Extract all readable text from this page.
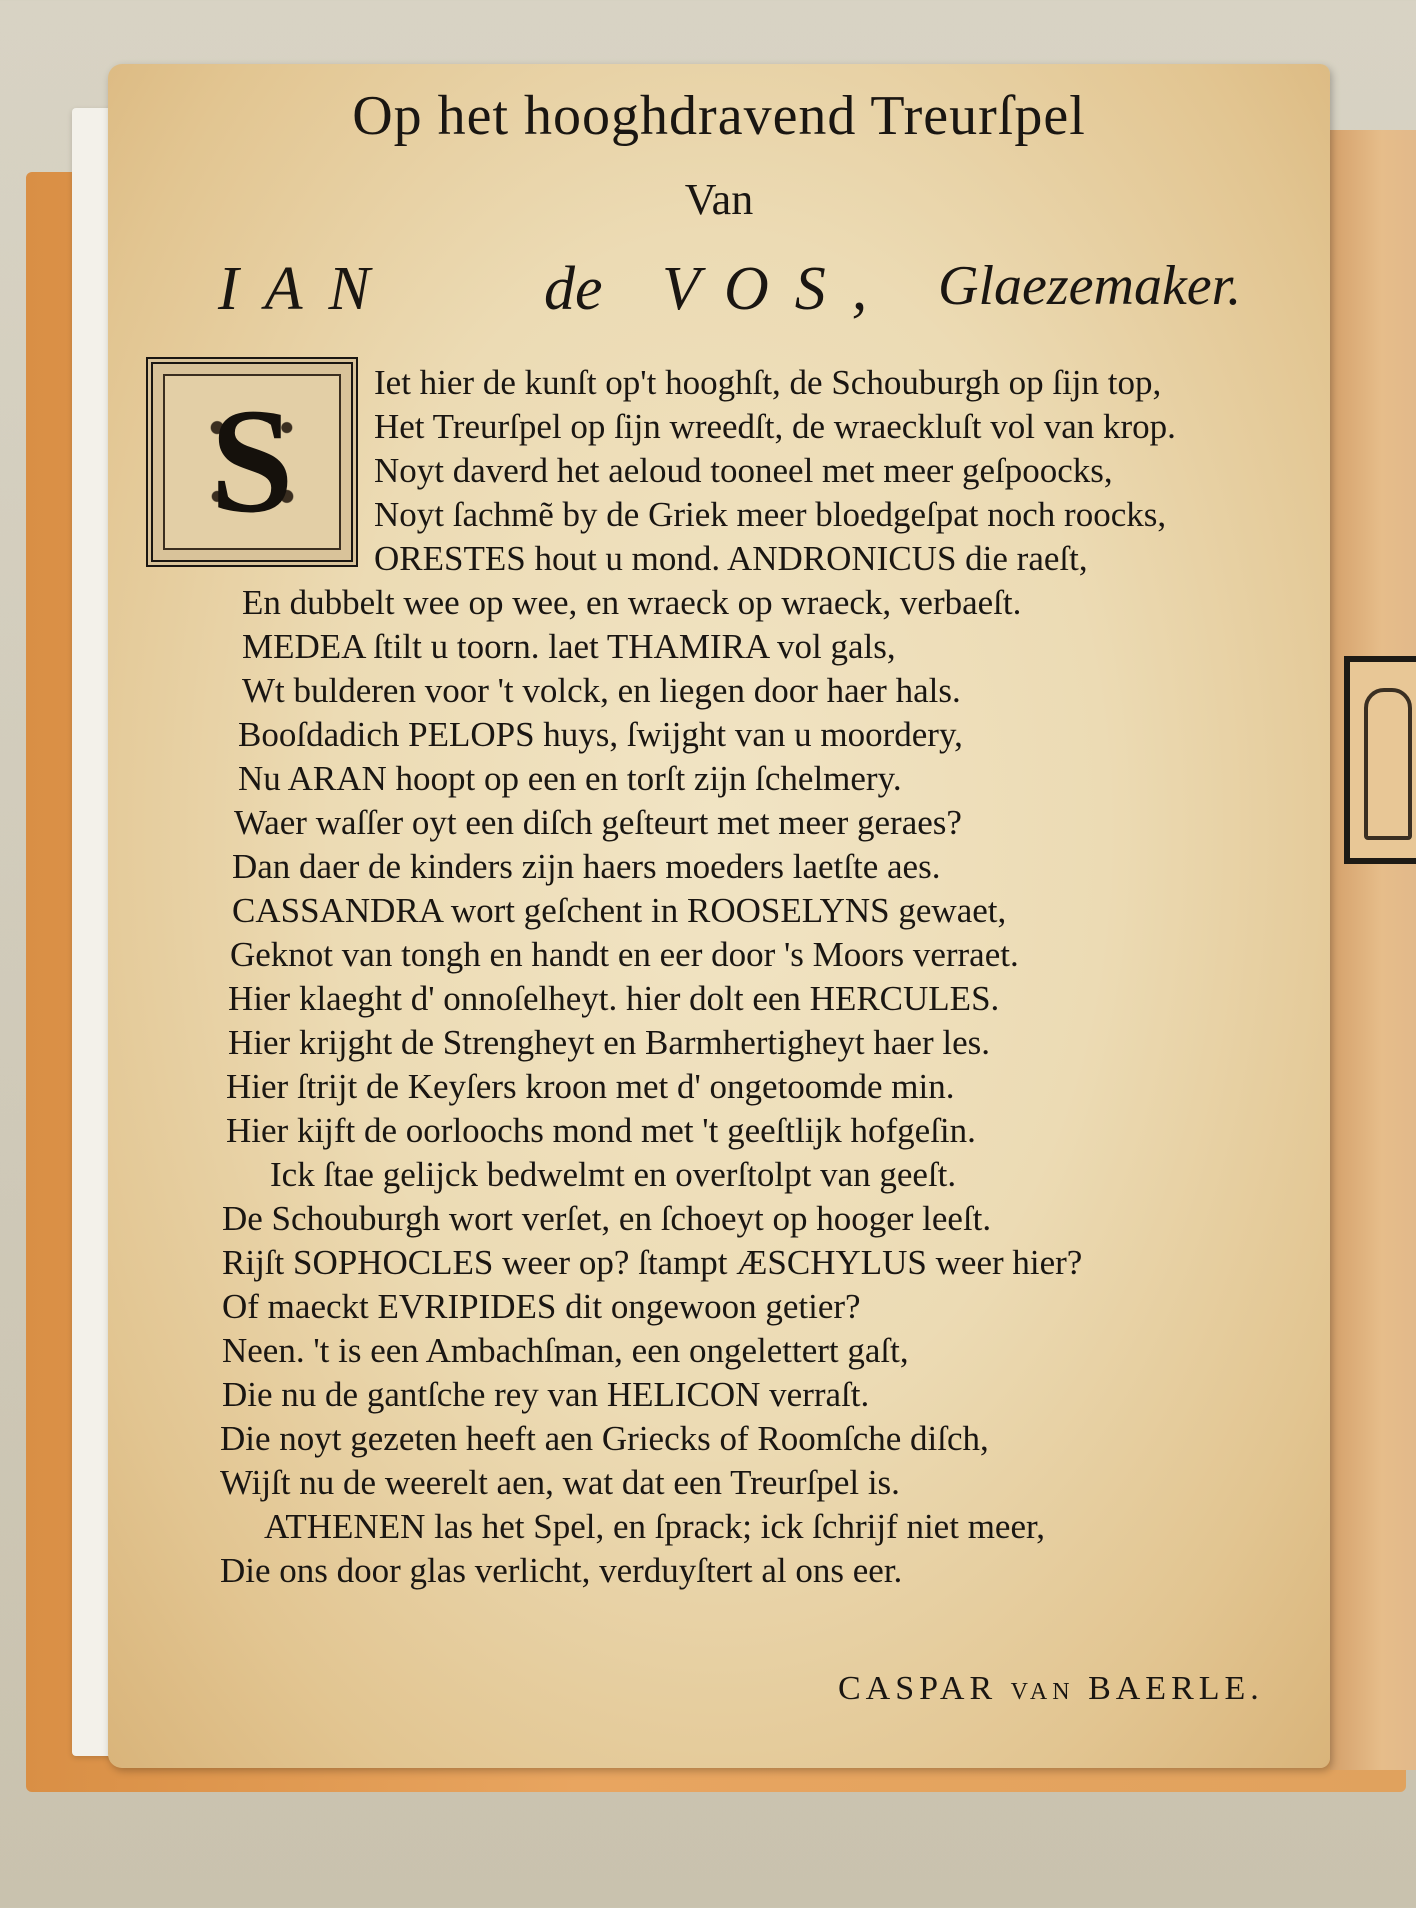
Op het hooghdravend Treurſpel
Van
IAN de VOS, Glaezemaker.
S	Iet hier de kunſt op't hooghſt, de Schouburgh op ſijn top,
Het Treurſpel op ſijn wreedſt, de wraeckluſt vol van krop.
Noyt daverd het aeloud tooneel met meer geſpoocks,
Noyt ſachmẽ by de Griek meer bloedgeſpat noch roocks,
ORESTES hout u mond. ANDRONICUS die raeſt,
En dubbelt wee op wee, en wraeck op wraeck, verbaeſt.
MEDEA ſtilt u toorn. laet THAMIRA vol gals,
Wt bulderen voor 't volck, en liegen door haer hals.
Booſdadich PELOPS huys, ſwijght van u moordery,
Nu ARAN hoopt op een en torſt zijn ſchelmery.
Waer waſſer oyt een diſch geſteurt met meer geraes?
Dan daer de kinders zijn haers moeders laetſte aes.
CASSANDRA wort geſchent in ROOSELYNS gewaet,
Geknot van tongh en handt en eer door 's Moors verraet.
Hier klaeght d' onnoſelheyt. hier dolt een HERCULES.
Hier krijght de Strengheyt en Barmhertigheyt haer les.
Hier ſtrijt de Keyſers kroon met d' ongetoomde min.
Hier kijft de oorloochs mond met 't geeſtlijk hofgeſin.
Ick ſtae gelijck bedwelmt en overſtolpt van geeſt.
De Schouburgh wort verſet, en ſchoeyt op hooger leeſt.
Rijſt SOPHOCLES weer op? ſtampt ÆSCHYLUS weer hier?
Of maeckt EVRIPIDES dit ongewoon getier?
Neen. 't is een Ambachſman, een ongelettert gaſt,
Die nu de gantſche rey van HELICON verraſt.
Die noyt gezeten heeft aen Griecks of Roomſche diſch,
Wijſt nu de weerelt aen, wat dat een Treurſpel is.
ATHENEN las het Spel, en ſprack; ick ſchrijf niet meer,
Die ons door glas verlicht, verduyſtert al ons eer.
CASPAR van BAERLE.
